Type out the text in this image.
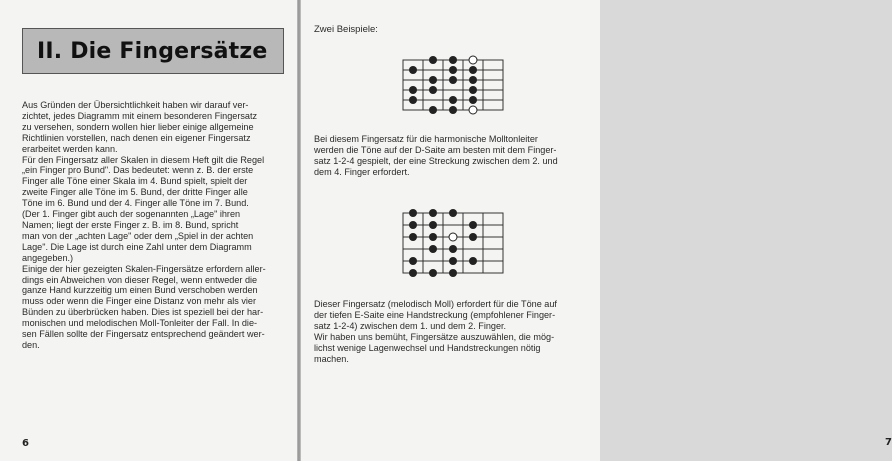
II. Die Fingersätze
Aus Gründen der Übersichtlichkeit haben wir darauf ver-
zichtet, jedes Diagramm mit einem besonderen Fingersatz
zu versehen, sondern wollen hier lieber einige allgemeine
Richtlinien vorstellen, nach denen ein eigener Fingersatz
erarbeitet werden kann.
Für den Fingersatz aller Skalen in diesem Heft gilt die Regel
„ein Finger pro Bund". Das bedeutet: wenn z. B. der erste
Finger alle Töne einer Skala im 4. Bund spielt, spielt der
zweite Finger alle Töne im 5. Bund, der dritte Finger alle
Töne im 6. Bund und der 4. Finger alle Töne im 7. Bund.
(Der 1. Finger gibt auch der sogenannten „Lage" ihren
Namen; liegt der erste Finger z. B. im 8. Bund, spricht
man von der „achten Lage" oder dem „Spiel in der achten
Lage". Die Lage ist durch eine Zahl unter dem Diagramm
angegeben.)
Einige der hier gezeigten Skalen-Fingersätze erfordern aller-
dings ein Abweichen von dieser Regel, wenn entweder die
ganze Hand kurzzeitig um einen Bund verschoben werden
muss oder wenn die Finger eine Distanz von mehr als vier
Bünden zu überbrücken haben. Dies ist speziell bei der har-
monischen und melodischen Moll-Tonleiter der Fall. In die-
sen Fällen sollte der Fingersatz entsprechend geändert wer-
den.
6	7
Zwei Beispiele:
Bei diesem Fingersatz für die harmonische Molltonleiter
werden die Töne auf der D-Saite am besten mit dem Finger-
satz 1-2-4 gespielt, der eine Streckung zwischen dem 2. und
dem 4. Finger erfordert.
Dieser Fingersatz (melodisch Moll) erfordert für die Töne auf
der tiefen E-Saite eine Handstreckung (empfohlener Finger-
satz 1-2-4) zwischen dem 1. und dem 2. Finger.
Wir haben uns bemüht, Fingersätze auszuwählen, die mög-
lichst wenige Lagenwechsel und Handstreckungen nötig
machen.
